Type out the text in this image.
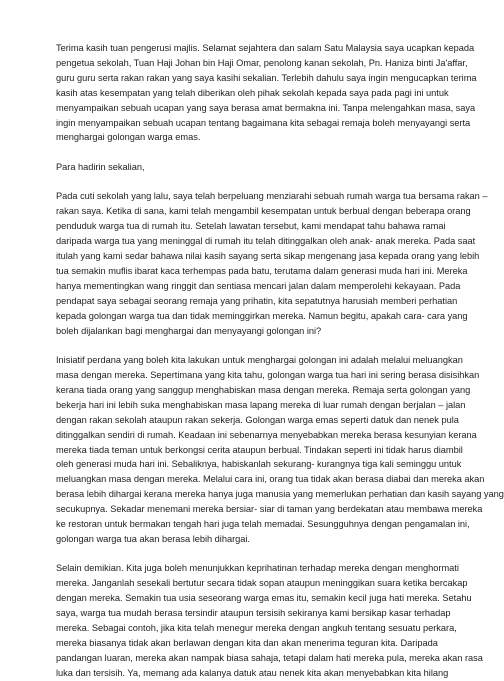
Terima kasih tuan pengerusi majlis. Selamat sejahtera dan salam Satu Malaysia saya ucapkan kepada
pengetua sekolah, Tuan Haji Johan bin Haji Omar, penolong kanan sekolah, Pn. Haniza binti Ja'affar,
guru guru serta rakan rakan yang saya kasihi sekalian. Terlebih dahulu saya ingin mengucapkan terima
kasih atas kesempatan yang telah diberikan oleh pihak sekolah kepada saya pada pagi ini untuk
menyampaikan sebuah ucapan yang saya berasa amat bermakna ini. Tanpa melengahkan masa, saya
ingin menyampaikan sebuah ucapan tentang bagaimana kita sebagai remaja boleh menyayangi serta
menghargai golongan warga emas.

Para hadirin sekalian,

Pada cuti sekolah yang lalu, saya telah berpeluang menziarahi sebuah rumah warga tua bersama rakan –
rakan saya. Ketika di sana, kami telah mengambil kesempatan untuk berbual dengan beberapa orang
penduduk warga tua di rumah itu. Setelah lawatan tersebut, kami mendapat tahu bahawa ramai
daripada warga tua yang meninggal di rumah itu telah ditinggalkan oleh anak- anak mereka. Pada saat
itulah yang kami sedar bahawa nilai kasih sayang serta sikap mengenang jasa kepada orang yang lebih
tua semakin muflis ibarat kaca terhempas pada batu, terutama dalam generasi muda hari ini. Mereka
hanya mementingkan wang ringgit dan sentiasa mencari jalan dalam memperolehi kekayaan. Pada
pendapat saya sebagai seorang remaja yang prihatin, kita sepatutnya harusiah memberi perhatian
kepada golongan warga tua dan tidak meminggirkan mereka. Namun begitu, apakah cara- cara yang
boleh dijalankan bagi menghargai dan menyayangi golongan ini?

Inisiatif perdana yang boleh kita lakukan untuk menghargai golongan ini adalah melalui meluangkan
masa dengan mereka. Sepertimana yang kita tahu, golongan warga tua hari ini sering berasa disisihkan
kerana tiada orang yang sanggup menghabiskan masa dengan mereka. Remaja serta golongan yang
bekerja hari ini lebih suka menghabiskan masa lapang mereka di luar rumah dengan berjalan – jalan
dengan rakan sekolah ataupun rakan sekerja. Golongan warga emas seperti datuk dan nenek pula
ditinggalkan sendiri di rumah. Keadaan ini sebenarnya menyebabkan mereka berasa kesunyian kerana
mereka tiada teman untuk berkongsi cerita ataupun berbual. Tindakan seperti ini tidak harus diambil
oleh generasi muda hari ini. Sebaliknya, habiskanlah sekurang- kurangnya tiga kali seminggu untuk
meluangkan masa dengan mereka. Melalui cara ini, orang tua tidak akan berasa diabai dan mereka akan
berasa lebih dihargai kerana mereka hanya juga manusia yang memerlukan perhatian dan kasih sayang yang
secukupnya. Sekadar menemani mereka bersiar- siar di taman yang berdekatan atau membawa mereka
ke restoran untuk bermakan tengah hari juga telah memadai. Sesungguhnya dengan pengamalan ini,
golongan warga tua akan berasa lebih dihargai.

Selain demikian. Kita juga boleh menunjukkan keprihatinan terhadap mereka dengan menghormati
mereka. Janganlah sesekali bertutur secara tidak sopan ataupun meninggikan suara ketika bercakap
dengan mereka. Semakin tua usia seseorang warga emas itu, semakin kecil juga hati mereka. Setahu
saya, warga tua mudah berasa tersindir ataupun tersisih sekiranya kami bersikap kasar terhadap
mereka. Sebagai contoh, jika kita telah menegur mereka dengan angkuh tentang sesuatu perkara,
mereka biasanya tidak akan berlawan dengan kita dan akan menerima teguran kita. Daripada
pandangan luaran, mereka akan nampak biasa sahaja, tetapi dalam hati mereka pula, mereka akan rasa
luka dan tersisih. Ya, memang ada kalanya datuk atau nenek kita akan menyebabkan kita hilang
